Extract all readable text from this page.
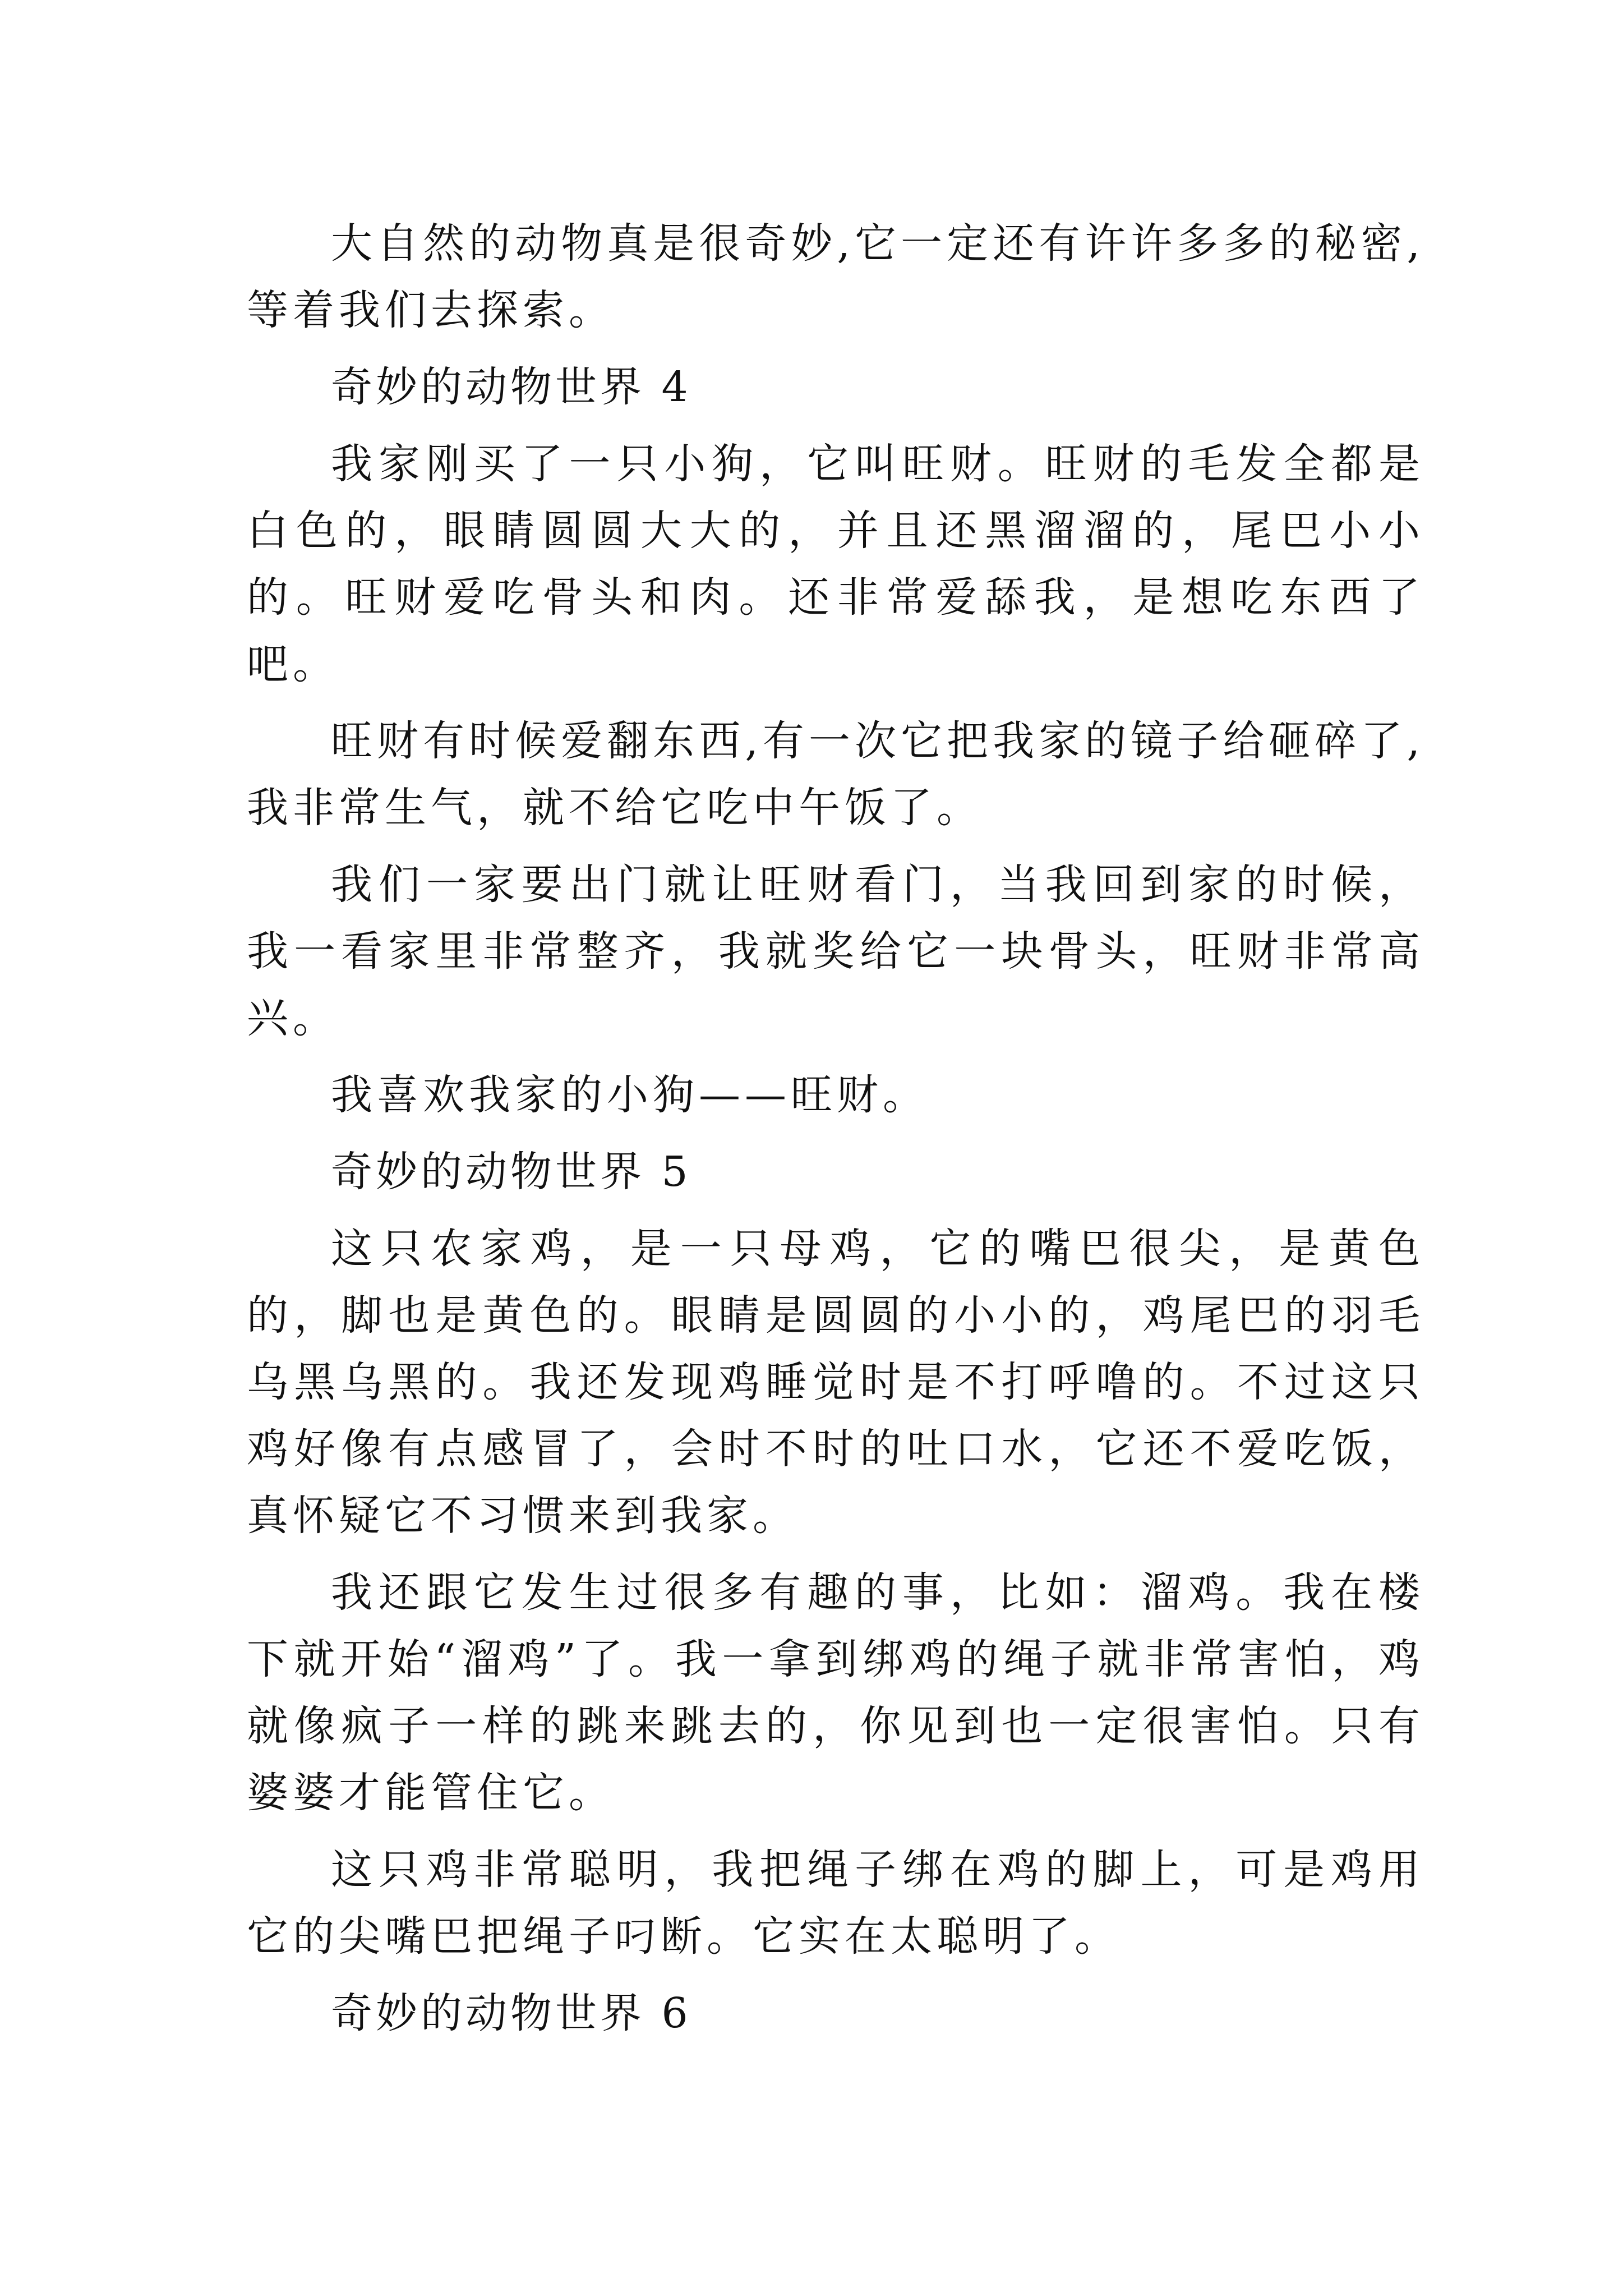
大自然的动物真是很奇妙,它一定还有许许多多的秘密,等着我们去探索。

奇妙的动物世界 4

我家刚买了一只小狗，它叫旺财。旺财的毛发全都是白色的，眼睛圆圆大大的，并且还黑溜溜的，尾巴小小的。旺财爱吃骨头和肉。还非常爱舔我，是想吃东西了吧。

旺财有时候爱翻东西,有一次它把我家的镜子给砸碎了,我非常生气，就不给它吃中午饭了。

我们一家要出门就让旺财看门，当我回到家的时候，我一看家里非常整齐，我就奖给它一块骨头，旺财非常高兴。

我喜欢我家的小狗——旺财。

奇妙的动物世界 5

这只农家鸡，是一只母鸡，它的嘴巴很尖，是黄色的，脚也是黄色的。眼睛是圆圆的小小的，鸡尾巴的羽毛乌黑乌黑的。我还发现鸡睡觉时是不打呼噜的。不过这只鸡好像有点感冒了，会时不时的吐口水，它还不爱吃饭，真怀疑它不习惯来到我家。

我还跟它发生过很多有趣的事，比如：溜鸡。我在楼下就开始“溜鸡”了。我一拿到绑鸡的绳子就非常害怕，鸡就像疯子一样的跳来跳去的，你见到也一定很害怕。只有婆婆才能管住它。

这只鸡非常聪明，我把绳子绑在鸡的脚上，可是鸡用它的尖嘴巴把绳子叼断。它实在太聪明了。

奇妙的动物世界 6
